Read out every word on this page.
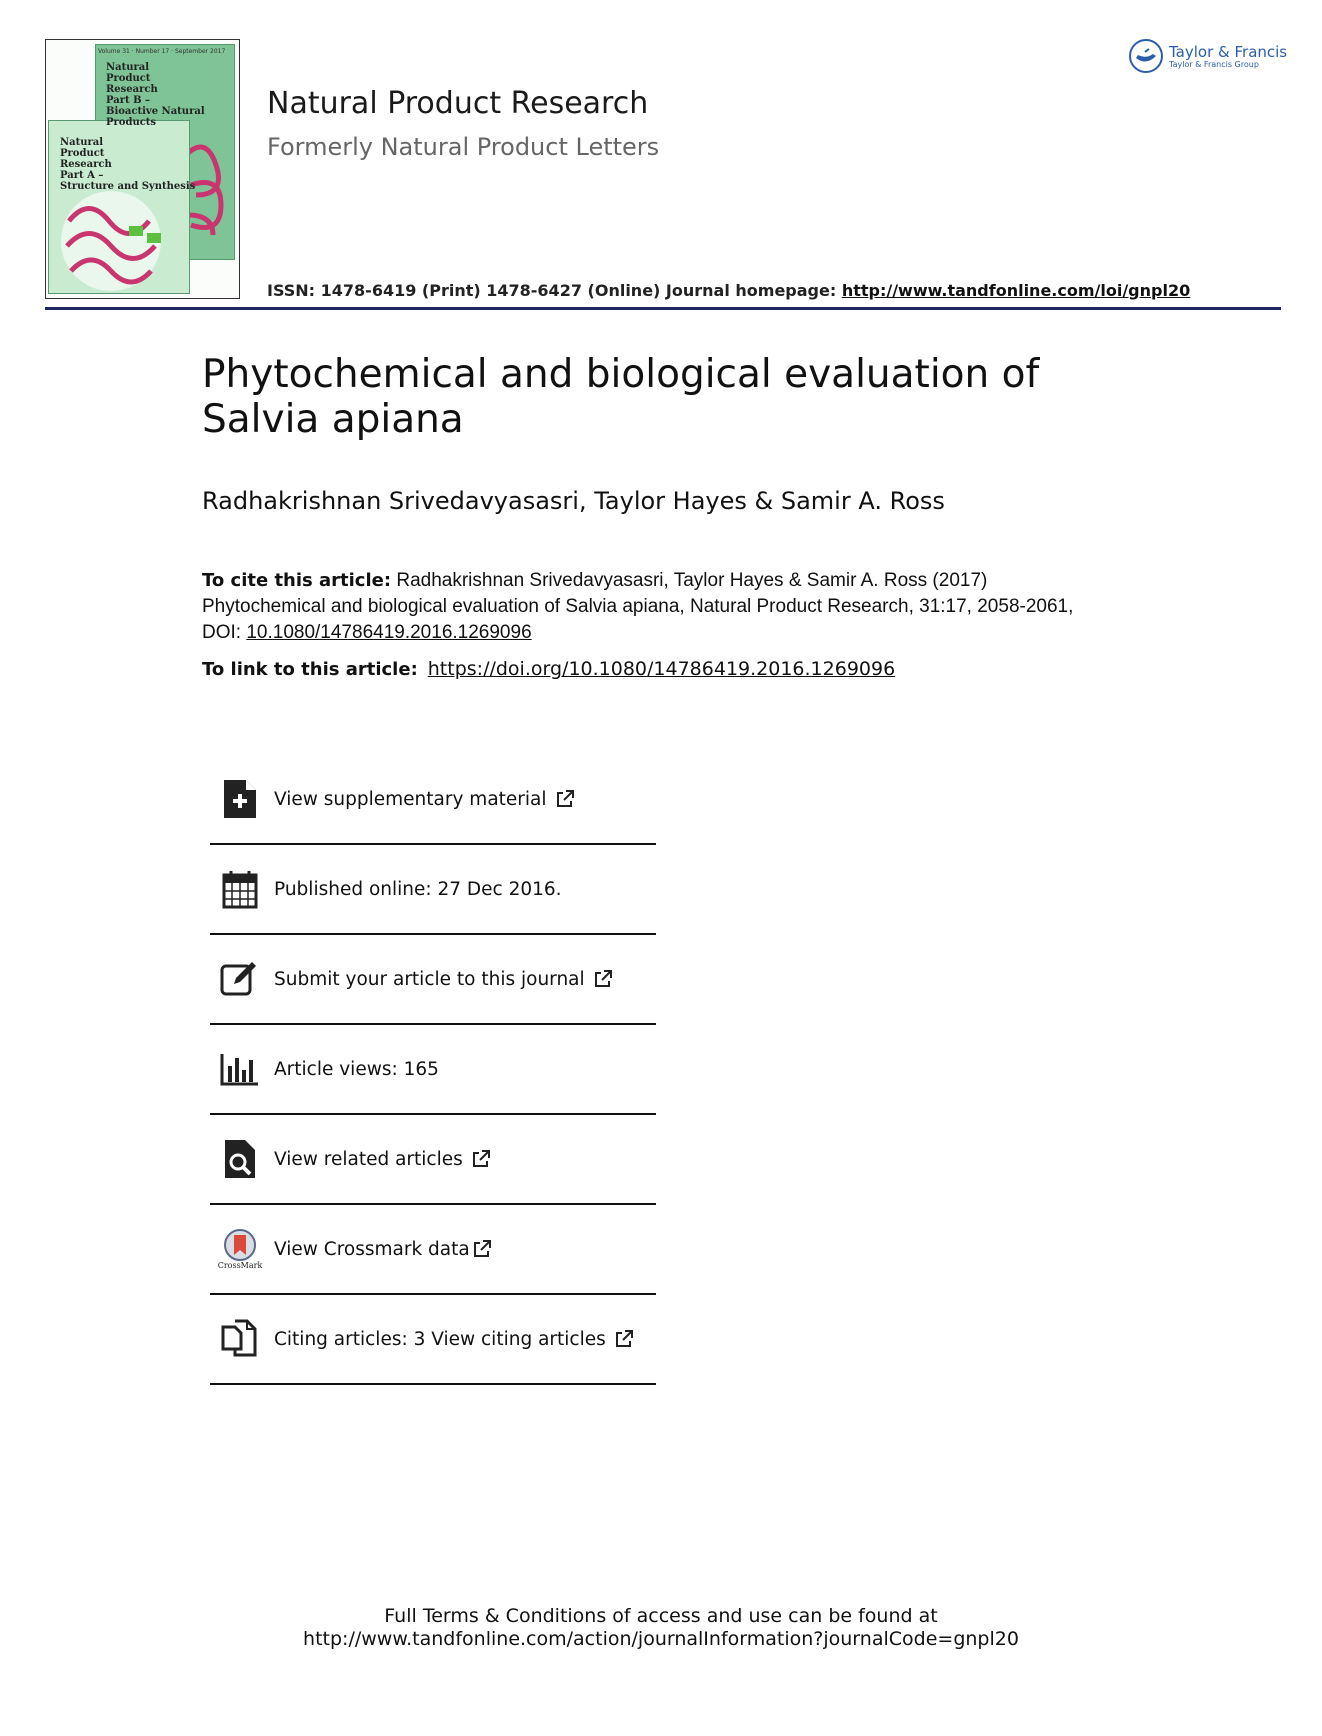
Natural
Product
Research
Part B –
Bioactive Natural Products
Natural
Product
Research
Part A –
Structure and Synthesis
Volume 31 · Number 17 · September 2017	Taylor & Francis
Taylor & Francis Group
Natural Product Research
Formerly Natural Product Letters
ISSN: 1478-6419 (Print) 1478-6427 (Online) Journal homepage: http://www.tandfonline.com/loi/gnpl20
Phytochemical and biological evaluation of Salvia apiana
Radhakrishnan Srivedavyasasri, Taylor Hayes & Samir A. Ross
To cite this article: Radhakrishnan Srivedavyasasri, Taylor Hayes & Samir A. Ross (2017) Phytochemical and biological evaluation of Salvia apiana, Natural Product Research, 31:17, 2058-2061, DOI: 10.1080/14786419.2016.1269096
To link to this article: https://doi.org/10.1080/14786419.2016.1269096
View supplementary material
Published online: 27 Dec 2016.
Submit your article to this journal
Article views: 165
View related articles
CrossMark
View Crossmark data
Citing articles: 3 View citing articles
Full Terms & Conditions of access and use can be found at
http://www.tandfonline.com/action/journalInformation?journalCode=gnpl20
